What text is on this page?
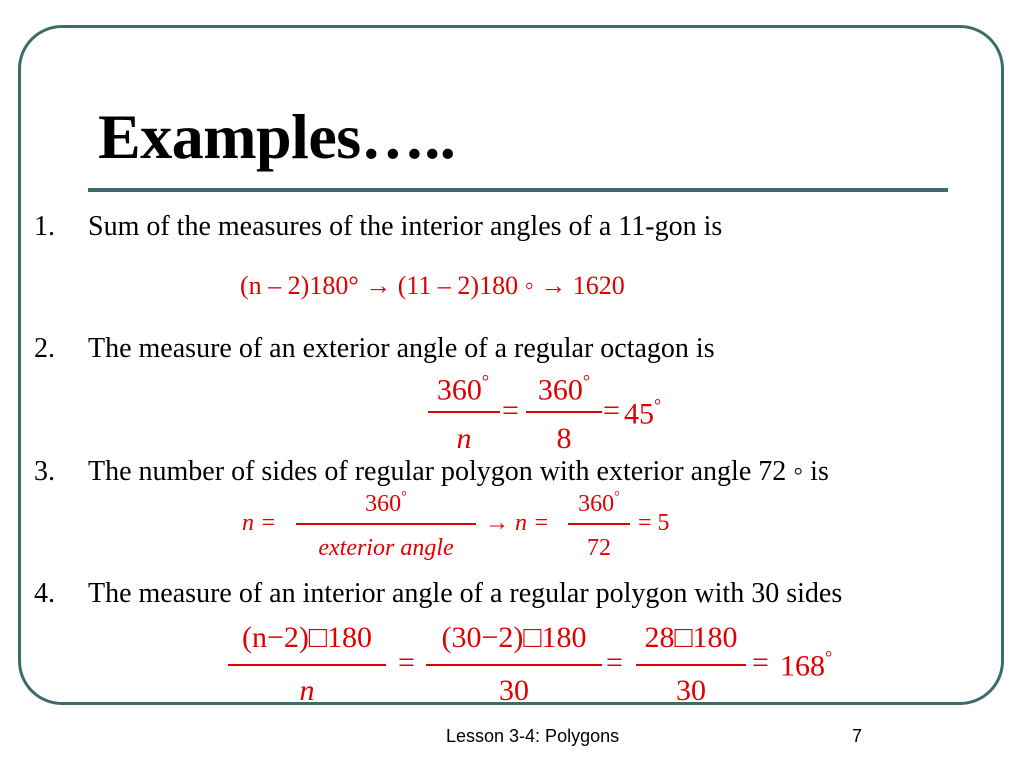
Examples…..
1. Sum of the measures of the interior angles of a 11-gon is
(n – 2)180° → (11 – 2)180 ◦ → 1620
2. The measure of an exterior angle of a regular octagon is
360°
n
=
360°
8
= 45°
3. The number of sides of regular polygon with exterior angle 72 ◦ is
n =
360°
exterior angle
→ n =
360°
72
= 5
4. The measure of an interior angle of a regular polygon with 30 sides
(n−2)□180
n
=
(30−2)□180
30
=
28□180
30
= 168°
Lesson 3-4: Polygons	7
